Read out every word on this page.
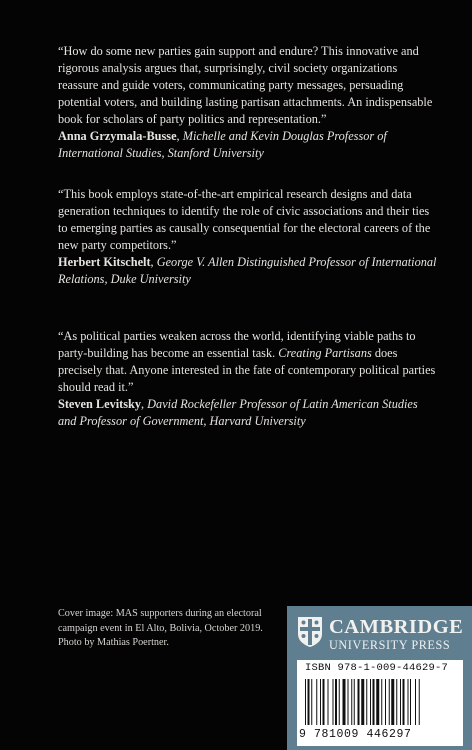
“How do some new parties gain support and endure? This innovative and rigorous analysis argues that, surprisingly, civil society organizations reassure and guide voters, communicating party messages, persuading potential voters, and building lasting partisan attachments. An indispensable book for scholars of party politics and representation.”

Anna Grzymala-Busse, Michelle and Kevin Douglas Professor of International Studies, Stanford University

“This book employs state-of-the-art empirical research designs and data generation techniques to identify the role of civic associations and their ties to emerging parties as causally consequential for the electoral careers of the new party competitors.”

Herbert Kitschelt, George V. Allen Distinguished Professor of International Relations, Duke University

“As political parties weaken across the world, identifying viable paths to party-building has become an essential task. Creating Partisans does precisely that. Anyone interested in the fate of contemporary political parties should read it.”

Steven Levitsky, David Rockefeller Professor of Latin American Studies and Professor of Government, Harvard University

Cover image: MAS supporters during an electoral campaign event in El Alto, Bolivia, October 2019. Photo by Mathias Poertner.
CAMBRIDGE
UNIVERSITY PRESS
ISBN 978-1-009-44629-7
9 781009 446297
